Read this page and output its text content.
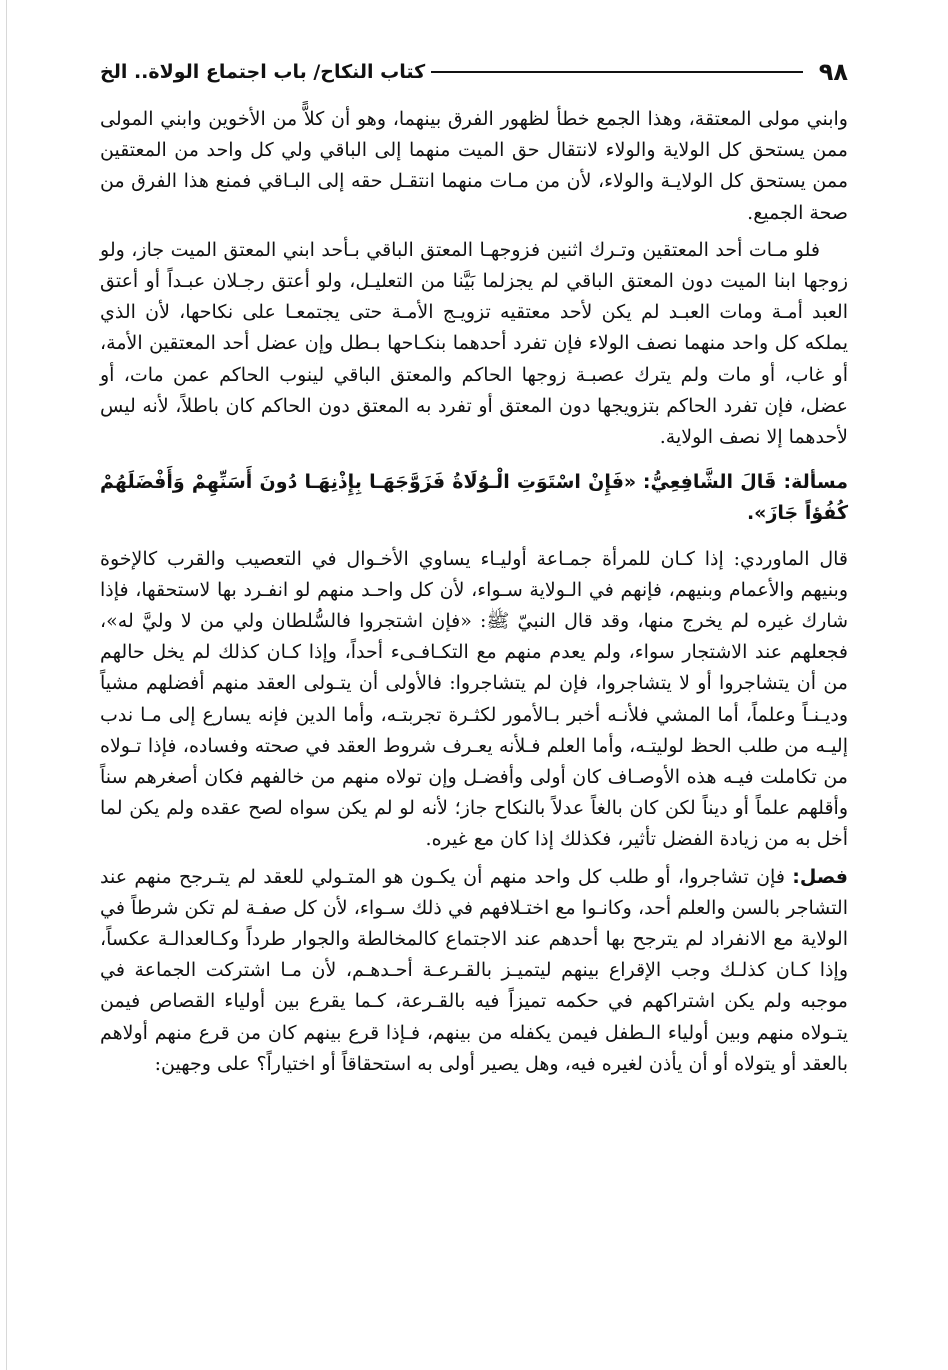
٩٨
كتاب النكاح/ باب اجتماع الولاة.. الخ

وابني مولى المعتقة، وهذا الجمع خطأ لظهور الفرق بينهما، وهو أن كلاًّ من الأخوين وابني المولى ممن يستحق كل الولاية والولاء لانتقال حق الميت منهما إلى الباقي ولي كل واحد من المعتقين ممن يستحق كل الولايـة والولاء، لأن من مـات منهما انتقـل حقه إلى البـاقي فمنع هذا الفرق من صحة الجميع.

فلو مـات أحد المعتقين وتـرك اثنين فزوجهـا المعتق الباقي بـأحد ابني المعتق الميت جاز، ولو زوجها ابنا الميت دون المعتق الباقي لم يجزلما بَيَّنا من التعليـل، ولو أعتق رجـلان عبـداً أو أعتق العبد أمـة ومات العبـد لم يكن لأحد معتقيه تزويـج الأمـة حتى يجتمعـا على نكاحها، لأن الذي يملكه كل واحد منهما نصف الولاء فإن تفرد أحدهما بنكـاحها بـطل وإن عضل أحد المعتقين الأمة، أو غاب، أو مات ولم يترك عصبـة زوجها الحاكم والمعتق الباقي لينوب الحاكم عمن مات، أو عضل، فإن تفرد الحاكم بتزويجها دون المعتق أو تفرد به المعتق دون الحاكم كان باطلاً، لأنه ليس لأحدهما إلا نصف الولاية.

مسألة: قَالَ الشَّافِعِيُّ: «فَإِنْ اسْتَوَتِ الْـوُلَاةُ فَزَوَّجَهَـا بِإِذْنِهَـا دُونَ أَسَنِّهِمْ وَأَفْضَلَهُمْ كُفُؤاً جَازَ».

قال الماوردي: إذا كـان للمرأة جمـاعة أوليـاء يساوي الأخـوال في التعصيب والقرب كالإخوة وبنيهم والأعمام وبنيهم، فإنهم في الـولاية سـواء، لأن كل واحـد منهم لو انفـرد بها لاستحقها، فإذا شارك غيره لم يخرج منها، وقد قال النبيّ ﷺ: «فإن اشتجروا فالسُّلطان ولي من لا وليَّ له»، فجعلهم عند الاشتجار سواء، ولم يعدم منهم مع التكـافـىء أحداً، وإذا كـان كذلك لم يخل حالهم من أن يتشاجروا أو لا يتشاجروا، فإن لم يتشاجروا: فالأولى أن يتـولى العقد منهم أفضلهم مشياً وديـنـاً وعلماً، أما المشي فلأنـه أخبر بـالأمور لكثـرة تجربتـه، وأما الدين فإنه يسارع إلى مـا ندب إليـه من طلب الحظ لوليتـه، وأما العلم فـلأنه يعـرف شروط العقد في صحته وفساده، فإذا تـولاه من تكاملت فيـه هذه الأوصـاف كان أولى وأفضـل وإن تولاه منهم من خالفهم فكان أصغرهم سناً وأقلهم علماً أو ديناً لكن كان بالغاً عدلاً بالنكاح جاز؛ لأنه لو لم يكن سواه لصح عقده ولم يكن لما أخل به من زيادة الفضل تأثير، فكذلك إذا كان مع غيره.

فصل: فإن تشاجروا، أو طلب كل واحد منهم أن يكـون هو المتـولي للعقد لم يتـرجح منهم عند التشاجر بالسن والعلم أحد، وكانـوا مع اختـلافهم في ذلك سـواء، لأن كل صفـة لم تكن شرطاً في الولاية مع الانفراد لم يترجح بها أحدهم عند الاجتماع كالمخالطة والجوار طرداً وكـالعدالـة عكساً، وإذا كـان كذلـك وجب الإقراع بينهم ليتميـز بالقـرعـة أحـدهـم، لأن مـا اشتركت الجماعة في موجبه ولم يكن اشتراكهم في حكمه تميزاً فيه بالقـرعة، كـما يقرع بين أولياء القصاص فيمن يتـولاه منهم وبين أولياء الـطفل فيمن يكفله من بينهم، فـإذا قرع بينهم كان من قرع منهم أولاهم بالعقد أو يتولاه أو أن يأذن لغيره فيه، وهل يصير أولى به استحقاقاً أو اختياراً؟ على وجهين:
